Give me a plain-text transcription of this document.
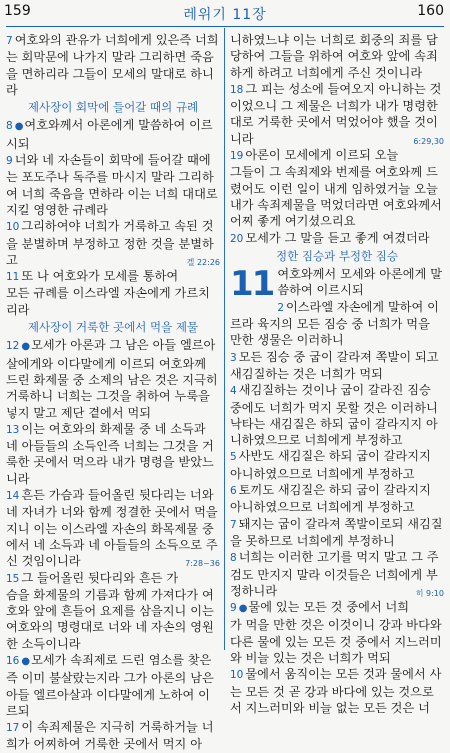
159	레위기 11장	160

7 여호와의 관유가 너희에게 있은즉 너희는 회막문에 나가지 말라 그리하면 죽음을 면하리라 그들이 모세의 말대로 하니라

제사장이 회막에 들어갈 때의 규례

8 ●여호와께서 아론에게 말씀하여 이르시되

9 너와 네 자손들이 회막에 들어갈 때에는 포도주나 독주를 마시지 말라 그리하여 너희 죽음을 면하라 이는 너희 대대로 지킬 영영한 규례라

10 그리하여야 너희가 거룩하고 속된 것을 분별하며 부정하고 정한 것을 분별하고	겔 22:26

11 또 나 여호와가 모세를 통하여 모든 규례를 이스라엘 자손에게 가르치리라

제사장이 거룩한 곳에서 먹을 제물

12 ●모세가 아론과 그 남은 아들 엘르아살에게와 이다말에게 이르되 여호와께 드린 화제물 중 소제의 남은 것은 지극히 거룩하니 너희는 그것을 취하여 누룩을 넣지 말고 제단 곁에서 먹되

13 이는 여호와의 화제물 중 네 소득과 네 아들들의 소득인즉 너희는 그것을 거룩한 곳에서 먹으라 내가 명령을 받았느니라

14 흔든 가슴과 들어올린 뒷다리는 너와 네 자녀가 너와 함께 정결한 곳에서 먹을지니 이는 이스라엘 자손의 화목제물 중에서 네 소득과 네 아들들의 소득으로 주신 것임이니라	7:28~36

15 그 들어올린 뒷다리와 흔든 가슴을 화제물의 기름과 함께 가져다가 여호와 앞에 흔들어 요제를 삼을지니 이는 여호와의 명령대로 너와 네 자손의 영원한 소득이니라

16 ●모세가 속죄제로 드린 염소를 찾은즉 이미 불살랐는지라 그가 아론의 남은 아들 엘르아살과 이다말에게 노하여 이르되

17 이 속죄제물은 지극히 거룩하거늘 너희가 어찌하여 거룩한 곳에서 먹지 아

니하였느냐 이는 너희로 회중의 죄를 담당하여 그들을 위하여 여호와 앞에 속죄하게 하려고 너희에게 주신 것이니라

18 그 피는 성소에 들여오지 아니하는 것이었으니 그 제물은 너희가 내가 명령한 대로 거룩한 곳에서 먹었어야 했을 것이니라	6:29,30

19 아론이 모세에게 이르되 오늘 그들이 그 속죄제와 번제를 여호와께 드렸어도 이런 일이 내게 임하였거늘 오늘 내가 속죄제물을 먹었더라면 여호와께서 어찌 좋게 여기셨으리요

20 모세가 그 말을 듣고 좋게 여겼더라

정한 짐승과 부정한 짐승

11 여호와께서 모세와 아론에게 말씀하여 이르시되

2 이스라엘 자손에게 말하여 이르라 육지의 모든 짐승 중 너희가 먹을 만한 생물은 이러하니

3 모든 짐승 중 굽이 갈라져 쪽발이 되고 새김질하는 것은 너희가 먹되

4 새김질하는 것이나 굽이 갈라진 짐승 중에도 너희가 먹지 못할 것은 이러하니 낙타는 새김질은 하되 굽이 갈라지지 아니하였으므로 너희에게 부정하고

5 사반도 새김질은 하되 굽이 갈라지지 아니하였으므로 너희에게 부정하고

6 토끼도 새김질은 하되 굽이 갈라지지 아니하였으므로 너희에게 부정하고

7 돼지는 굽이 갈라져 쪽발이로되 새김질을 못하므로 너희에게 부정하니

8 너희는 이러한 고기를 먹지 말고 그 주검도 만지지 말라 이것들은 너희에게 부정하니라	히 9:10

9 ●물에 있는 모든 것 중에서 너희가 먹을 만한 것은 이것이니 강과 바다와 다른 물에 있는 모든 것 중에서 지느러미와 비늘 있는 것은 너희가 먹되

10 물에서 움직이는 모든 것과 물에서 사는 모든 것 곧 강과 바다에 있는 것으로서 지느러미와 비늘 없는 모든 것은 너
